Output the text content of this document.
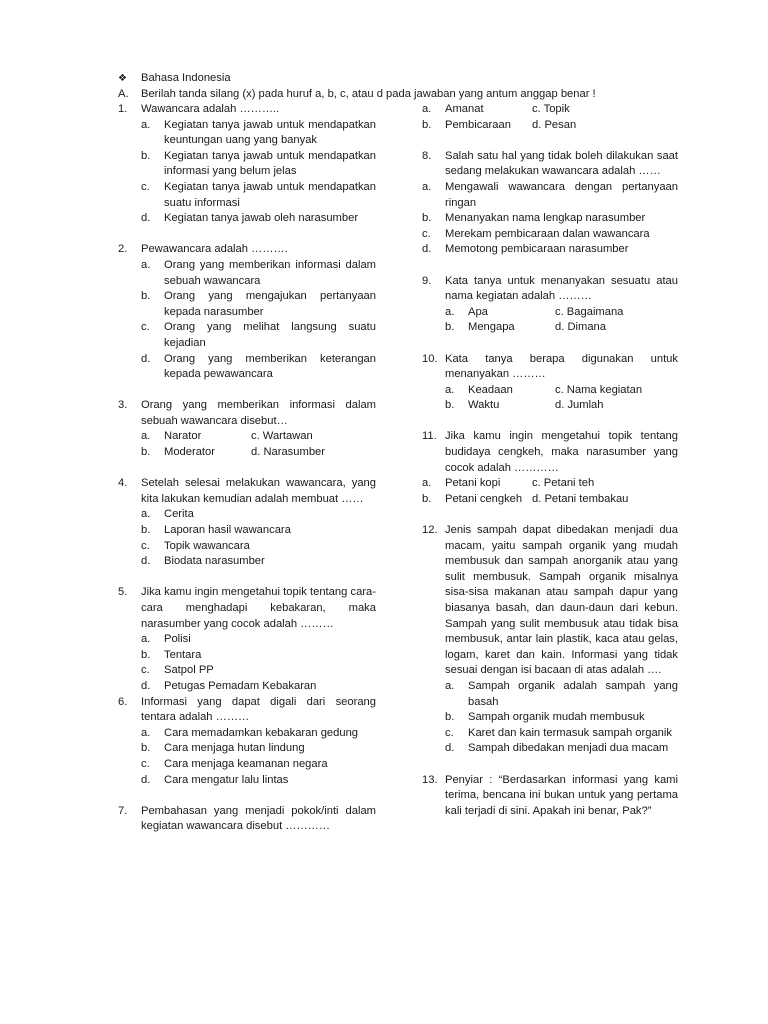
❖	Bahasa Indonesia
A.	Berilah tanda silang (x) pada huruf a, b, c, atau d pada jawaban yang antum anggap benar !
1.	Wawancara adalah ………..
a.	Kegiatan tanya jawab untuk mendapatkan keuntungan uang yang banyak
b.	Kegiatan tanya jawab untuk mendapatkan informasi yang belum jelas
c.	Kegiatan tanya jawab untuk mendapatkan suatu informasi
d.	Kegiatan tanya jawab oleh narasumber
2.	Pewawancara adalah ……….
a.	Orang yang memberikan informasi dalam sebuah wawancara
b.	Orang yang mengajukan pertanyaan kepada narasumber
c.	Orang yang melihat langsung suatu kejadian
d.	Orang yang memberikan keterangan kepada pewawancara
3.	Orang yang memberikan informasi dalam sebuah wawancara disebut…
a.	Narator	c. Wartawan
b.	Moderator	d. Narasumber
4.	Setelah selesai melakukan wawancara, yang kita lakukan kemudian adalah membuat ……
a.	Cerita
b.	Laporan hasil wawancara
c.	Topik wawancara
d.	Biodata narasumber
5.	Jika kamu ingin mengetahui topik tentang cara-cara menghadapi kebakaran, maka narasumber yang cocok adalah ………
a.	Polisi
b.	Tentara
c.	Satpol PP
d.	Petugas Pemadam Kebakaran
6.	Informasi yang dapat digali dari seorang tentara adalah ………
a.	Cara memadamkan kebakaran gedung
b.	Cara menjaga hutan lindung
c.	Cara menjaga keamanan negara
d.	Cara mengatur lalu lintas
7.	Pembahasan yang menjadi pokok/inti dalam kegiatan wawancara disebut …………
a.	Amanat	c. Topik
b.	Pembicaraan d. Pesan
8.	Salah satu hal yang tidak boleh dilakukan saat sedang melakukan wawancara adalah ……
a.	Mengawali wawancara dengan pertanyaan ringan
b.	Menanyakan nama lengkap narasumber
c.	Merekam pembicaraan dalan wawancara
d.	Memotong pembicaraan narasumber
9.	Kata tanya untuk menanyakan sesuatu atau nama kegiatan adalah ………
a.	Apa	c. Bagaimana
b.	Mengapa	d. Dimana
10. Kata tanya berapa digunakan untuk menanyakan ………
a.	Keadaan	c. Nama kegiatan
b.	Waktu	d. Jumlah
11. Jika kamu ingin mengetahui topik tentang budidaya cengkeh, maka narasumber yang cocok adalah …………
a.	Petani kopi	c. Petani teh
b.	Petani cengkeh d. Petani tembakau
12. Jenis sampah dapat dibedakan menjadi dua macam, yaitu sampah organik yang mudah membusuk dan sampah anorganik atau yang sulit membusuk. Sampah organik misalnya sisa-sisa makanan atau sampah dapur yang biasanya basah, dan daun-daun dari kebun. Sampah yang sulit membusuk atau tidak bisa membusuk, antar lain plastik, kaca atau gelas, logam, karet dan kain. Informasi yang tidak sesuai dengan isi bacaan di atas adalah ….
a.	Sampah organik adalah sampah yang basah
b.	Sampah organik mudah membusuk
c.	Karet dan kain termasuk sampah organik
d.	Sampah dibedakan menjadi dua macam
13. Penyiar : “Berdasarkan informasi yang kami terima, bencana ini bukan untuk yang pertama kali terjadi di sini. Apakah ini benar, Pak?”
